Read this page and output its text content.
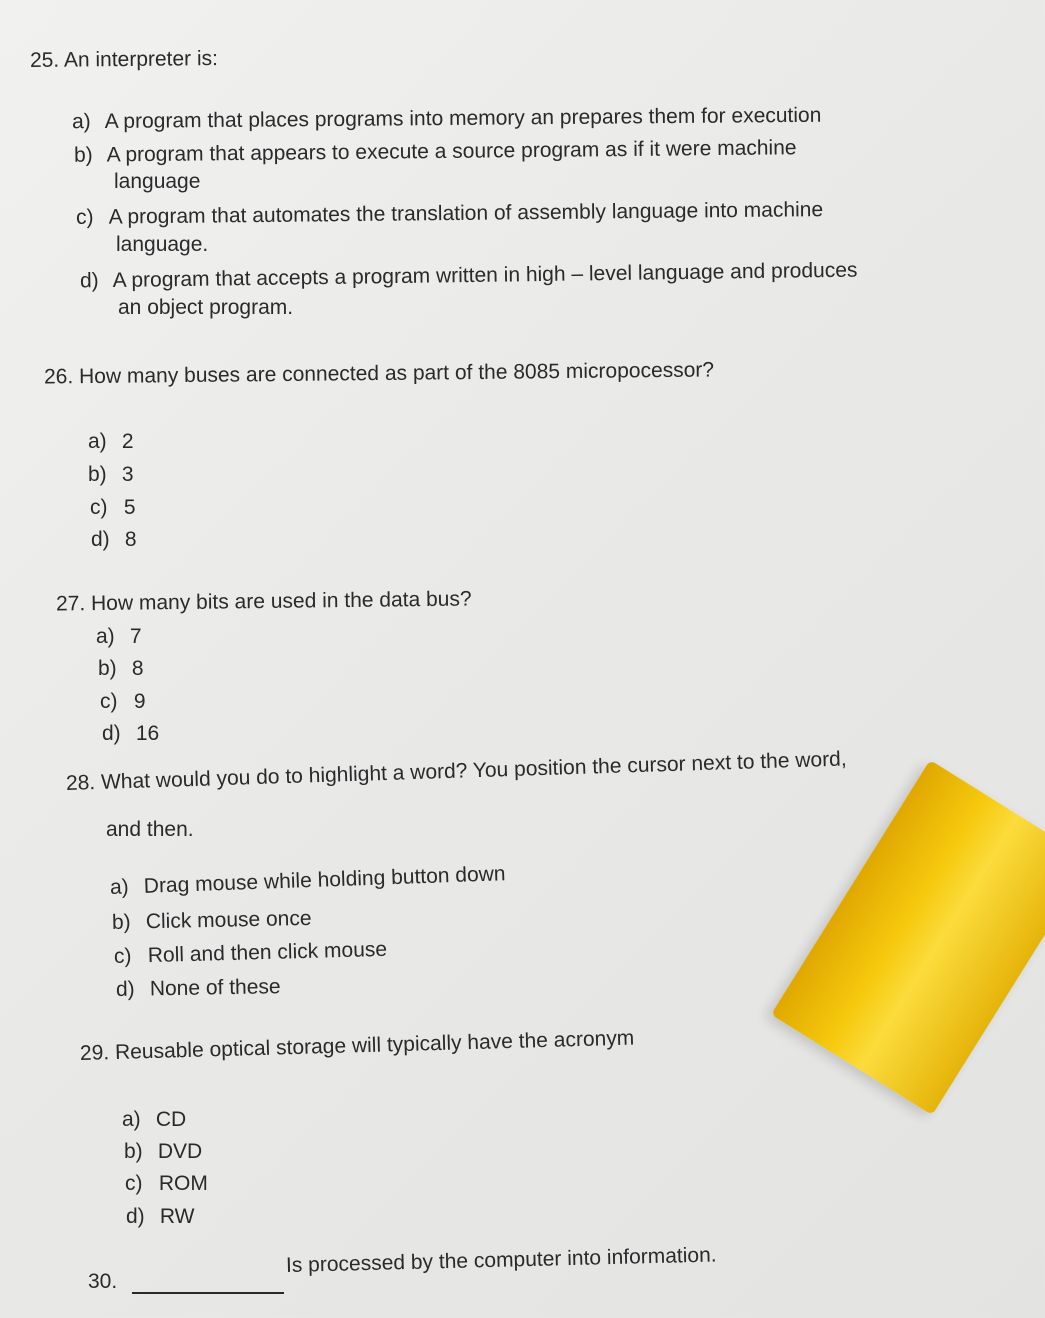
25. An interpreter is:
a) A program that places programs into memory an prepares them for execution
b) A program that appears to execute a source program as if it were machine
language
c) A program that automates the translation of assembly language into machine
language.
d) A program that accepts a program written in high – level language and produces
an object program.
26. How many buses are connected as part of the 8085 micropocessor?
a) 2
b) 3
c) 5
d) 8
27. How many bits are used in the data bus?
a) 7
b) 8
c) 9
d) 16
28. What would you do to highlight a word? You position the cursor next to the word,
and then.
a) Drag mouse while holding button down
b) Click mouse once
c) Roll and then click mouse
d) None of these
29. Reusable optical storage will typically have the acronym
a) CD
b) DVD
c) ROM
d) RW
30.
Is processed by the computer into information.
